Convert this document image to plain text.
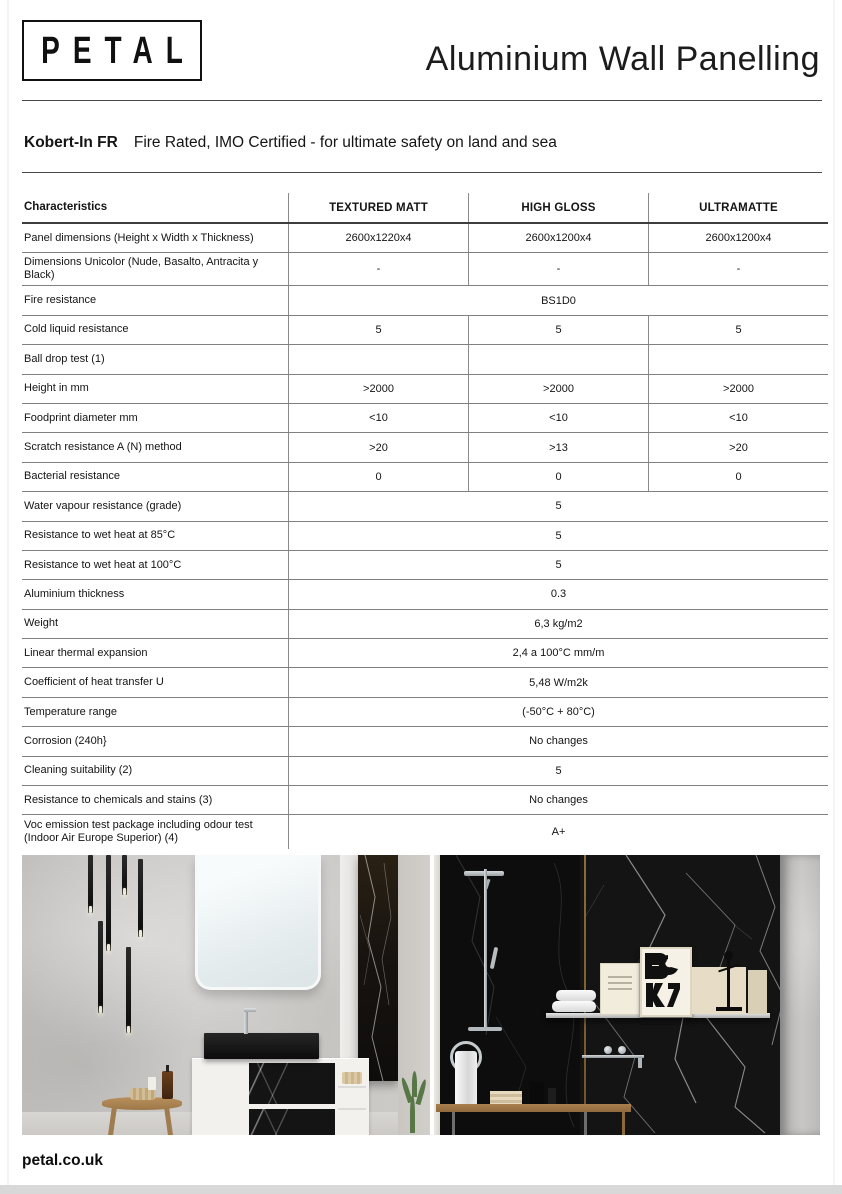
PETAL	Aluminium Wall Panelling
Kobert-In FR Fire Rated, IMO Certified - for ultimate safety on land and sea
Characteristics	TEXTURED MATT	HIGH GLOSS	ULTRAMATTE
Panel dimensions (Height x Width x Thickness)	2600x1220x4	2600x1200x4	2600x1200x4
Dimensions Unicolor (Nude, Basalto, Antracita y Black)	-	-	-
Fire resistance	BS1D0
Cold liquid resistance	5	5	5
Ball drop test (1)
Height in mm	>2000	>2000	>2000
Foodprint diameter mm	<10	<10	<10
Scratch resistance A (N) method	>20	>13	>20
Bacterial resistance	0	0	0
Water vapour resistance (grade)	5
Resistance to wet heat at 85°C	5
Resistance to wet heat at 100°C	5
Aluminium thickness	0.3
Weight	6,3 kg/m2
Linear thermal expansion	2,4 a 100°C mm/m
Coefficient of heat transfer U	5,48 W/m2k
Temperature range	(-50°C + 80°C)
Corrosion (240h}	No changes
Cleaning suitability (2)	5
Resistance to chemicals and stains (3)	No changes
Voc emission test package including odour test (Indoor Air Europe Superior) (4)	A+
petal.co.uk
